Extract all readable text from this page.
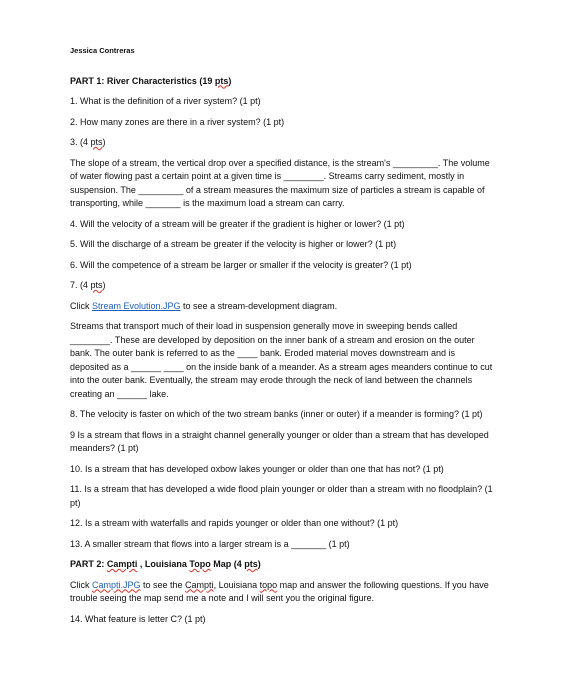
Jessica Contreras
PART 1: River Characteristics (19 pts)
1. What is the definition of a river system? (1 pt)
2. How many zones are there in a river system? (1 pt)
3. (4 pts)
The slope of a stream, the vertical drop over a specified distance, is the stream's _________. The volume of water flowing past a certain point at a given time is ________. Streams carry sediment, mostly in suspension. The _________ of a stream measures the maximum size of particles a stream is capable of transporting, while _______ is the maximum load a stream can carry.
4. Will the velocity of a stream will be greater if the gradient is higher or lower? (1 pt)
5. Will the discharge of a stream be greater if the velocity is higher or lower? (1 pt)
6. Will the competence of a stream be larger or smaller if the velocity is greater? (1 pt)
7. (4 pts)
Click Stream Evolution.JPG to see a stream-development diagram.
Streams that transport much of their load in suspension generally move in sweeping bends called ________. These are developed by deposition on the inner bank of a stream and erosion on the outer bank. The outer bank is referred to as the ____ bank. Eroded material moves downstream and is deposited as a ______ ____ on the inside bank of a meander. As a stream ages meanders continue to cut into the outer bank. Eventually, the stream may erode through the neck of land between the channels creating an ______ lake.
8. The velocity is faster on which of the two stream banks (inner or outer) if a meander is forming? (1 pt)
9 Is a stream that flows in a straight channel generally younger or older than a stream that has developed meanders? (1 pt)
10. Is a stream that has developed oxbow lakes younger or older than one that has not? (1 pt)
11. Is a stream that has developed a wide flood plain younger or older than a stream with no floodplain? (1 pt)
12. Is a stream with waterfalls and rapids younger or older than one without? (1 pt)
13. A smaller stream that flows into a larger stream is a _______ (1 pt)
PART 2: Campti , Louisiana Topo Map (4 pts)
Click Campti.JPG to see the Campti, Louisiana topo map and answer the following questions. If you have trouble seeing the map send me a note and I will sent you the original figure.
14. What feature is letter C? (1 pt)
